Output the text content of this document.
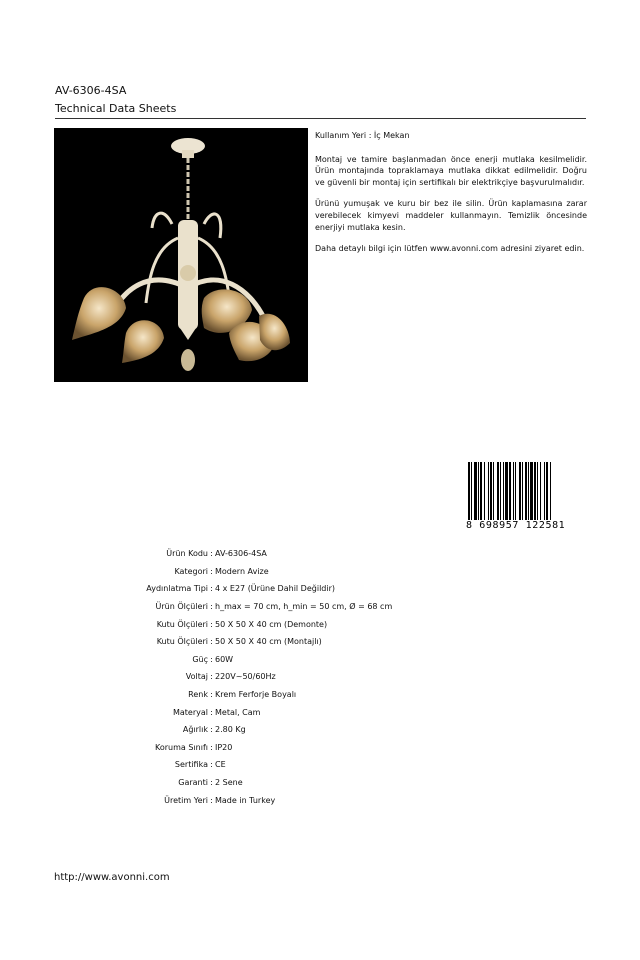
AV-6306-4SA
Technical Data Sheets

Kullanım Yeri : İç Mekan

Montaj ve tamire başlanmadan önce enerji mutlaka kesilmelidir. Ürün montajında topraklamaya mutlaka dikkat edilmelidir. Doğru ve güvenli bir montaj için sertifikalı bir elektrikçiye başvurulmalıdır.

Ürünü yumuşak ve kuru bir bez ile silin. Ürün kaplamasına zarar verebilecek kimyevi maddeler kullanmayın. Temizlik öncesinde enerjiyi mutlaka kesin.

Daha detaylı bilgi için lütfen www.avonni.com adresini ziyaret edin.

8 698957 122581
Ürün Kodu : AV-6306-4SA
Kategori : Modern Avize
Aydınlatma Tipi : 4 x E27 (Ürüne Dahil Değildir)
Ürün Ölçüleri : h_max = 70 cm, h_min = 50 cm, Ø = 68 cm
Kutu Ölçüleri : 50 X 50 X 40 cm (Demonte)
Kutu Ölçüleri : 50 X 50 X 40 cm (Montajlı)
Güç : 60W
Voltaj : 220V~50/60Hz
Renk : Krem Ferforje Boyalı
Materyal : Metal, Cam
Ağırlık : 2.80 Kg
Koruma Sınıfı : IP20
Sertifika : CE
Garanti : 2 Sene
Üretim Yeri : Made in Turkey
http://www.avonni.com
